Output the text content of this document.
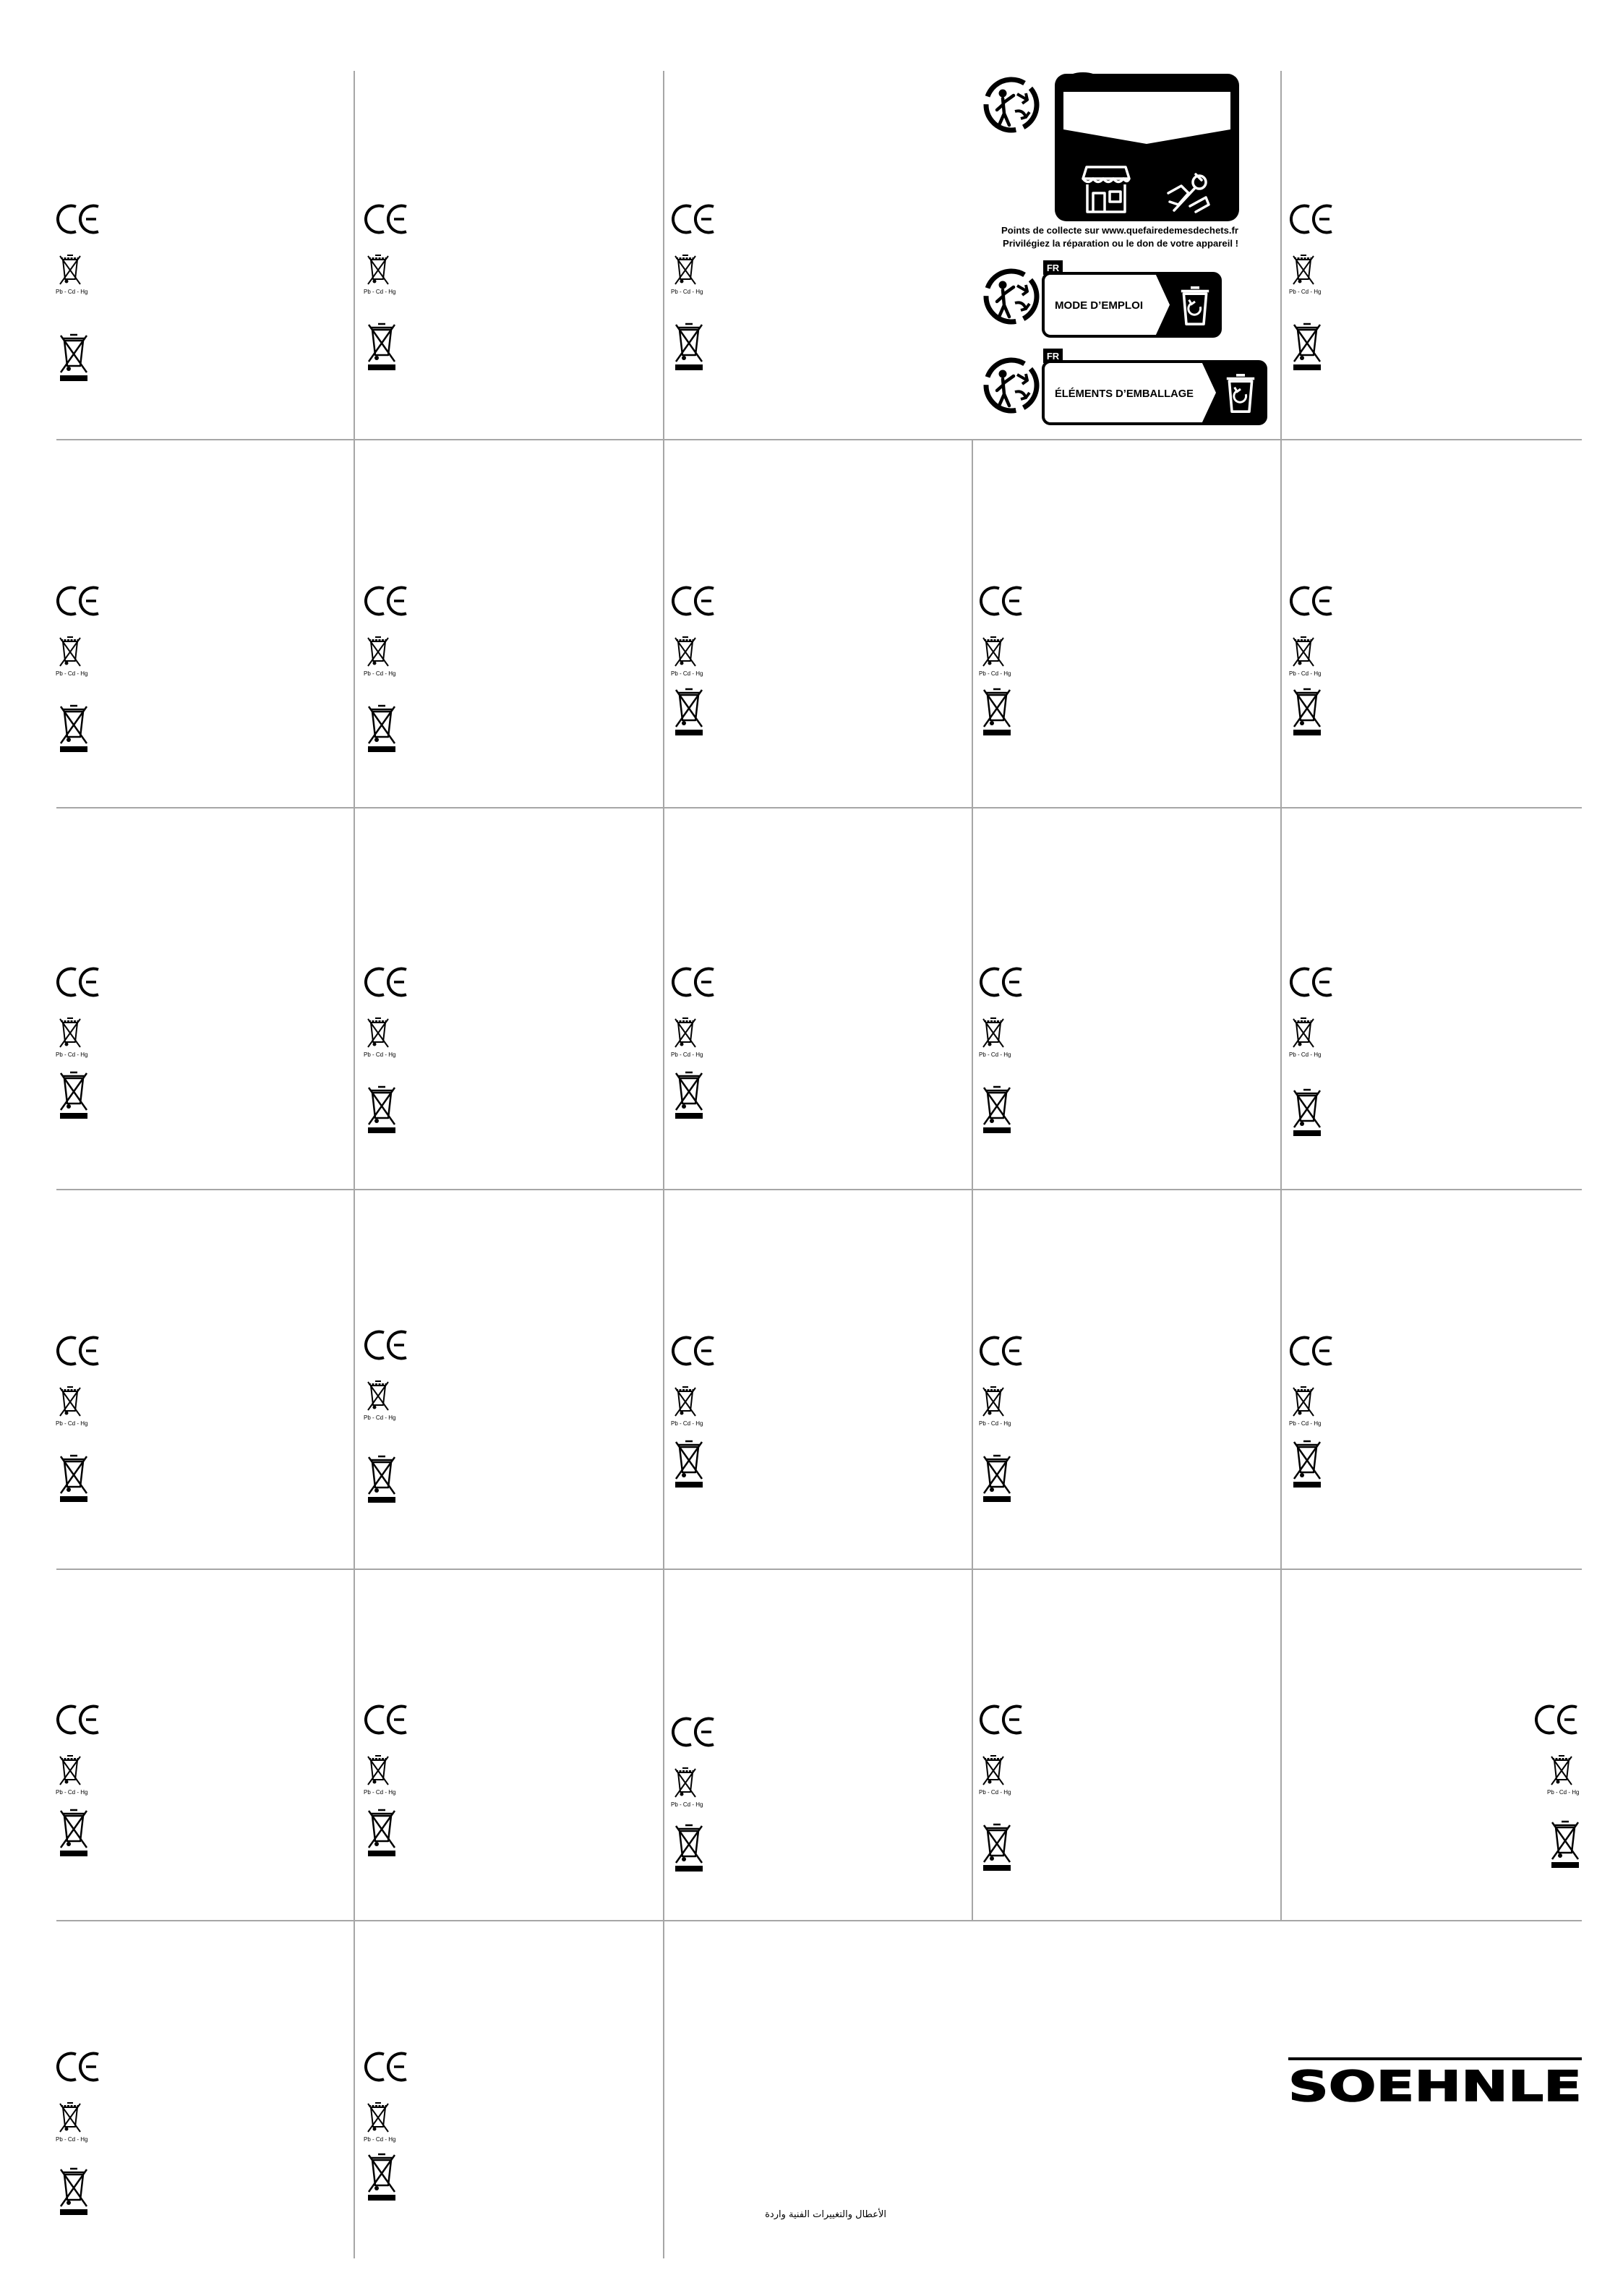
Points de collecte sur www.quefairedemesdechets.fr
Privilégiez la réparation ou le don de votre appareil !
FR
MODE D’EMPLOI
FR
ÉLÉMENTS D’EMBALLAGE
SOEHNLE
الأعطال والتغييرات الفنية واردة
Pb - Cd - Hg	Pb - Cd - Hg	Pb - Cd - Hg	Pb - Cd - Hg
Pb - Cd - Hg	Pb - Cd - Hg	Pb - Cd - Hg	Pb - Cd - Hg	Pb - Cd - Hg
Pb - Cd - Hg	Pb - Cd - Hg	Pb - Cd - Hg	Pb - Cd - Hg	Pb - Cd - Hg
Pb - Cd - Hg
Pb - Cd - Hg
Pb - Cd - Hg	Pb - Cd - Hg	Pb - Cd - Hg
Pb - Cd - Hg	Pb - Cd - Hg
Pb - Cd - Hg
Pb - Cd - Hg	Pb - Cd - Hg
Pb - Cd - Hg	Pb - Cd - Hg
